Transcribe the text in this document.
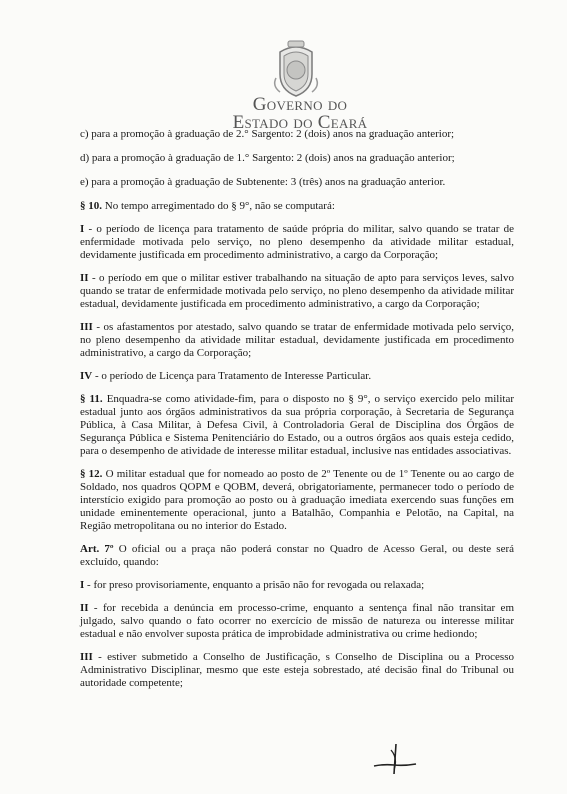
Governo do
Estado do Ceará

c) para a promoção à graduação de 2.° Sargento: 2 (dois) anos na graduação anterior;

d) para a promoção à graduação de 1.° Sargento: 2 (dois) anos na graduação anterior;

e) para a promoção à graduação de Subtenente: 3 (três) anos na graduação anterior.

§ 10. No tempo arregimentado do § 9°, não se computará:

I - o período de licença para tratamento de saúde própria do militar, salvo quando se tratar de enfermidade motivada pelo serviço, no pleno desempenho da atividade militar estadual, devidamente justificada em procedimento administrativo, a cargo da Corporação;

II - o período em que o militar estiver trabalhando na situação de apto para serviços leves, salvo quando se tratar de enfermidade motivada pelo serviço, no pleno desempenho da atividade militar estadual, devidamente justificada em procedimento administrativo, a cargo da Corporação;

III - os afastamentos por atestado, salvo quando se tratar de enfermidade motivada pelo serviço, no pleno desempenho da atividade militar estadual, devidamente justificada em procedimento administrativo, a cargo da Corporação;

IV - o período de Licença para Tratamento de Interesse Particular.

§ 11. Enquadra-se como atividade-fim, para o disposto no § 9°, o serviço exercido pelo militar estadual junto aos órgãos administrativos da sua própria corporação, à Secretaria de Segurança Pública, à Casa Militar, à Defesa Civil, à Controladoria Geral de Disciplina dos Órgãos de Segurança Pública e Sistema Penitenciário do Estado, ou a outros órgãos aos quais esteja cedido, para o desempenho de atividade de interesse militar estadual, inclusive nas entidades associativas.

§ 12. O militar estadual que for nomeado ao posto de 2º Tenente ou de 1º Tenente ou ao cargo de Soldado, nos quadros QOPM e QOBM, deverá, obrigatoriamente, permanecer todo o período de interstício exigido para promoção ao posto ou à graduação imediata exercendo suas funções em unidade eminentemente operacional, junto a Batalhão, Companhia e Pelotão, na Capital, na Região metropolitana ou no interior do Estado.

Art. 7º O oficial ou a praça não poderá constar no Quadro de Acesso Geral, ou deste será excluído, quando:

I - for preso provisoriamente, enquanto a prisão não for revogada ou relaxada;

II - for recebida a denúncia em processo-crime, enquanto a sentença final não transitar em julgado, salvo quando o fato ocorrer no exercício de missão de natureza ou interesse militar estadual e não envolver suposta prática de improbidade administrativa ou crime hediondo;

III - estiver submetido a Conselho de Justificação, s Conselho de Disciplina ou a Processo Administrativo Disciplinar, mesmo que este esteja sobrestado, até decisão final do Tribunal ou autoridade competente;
